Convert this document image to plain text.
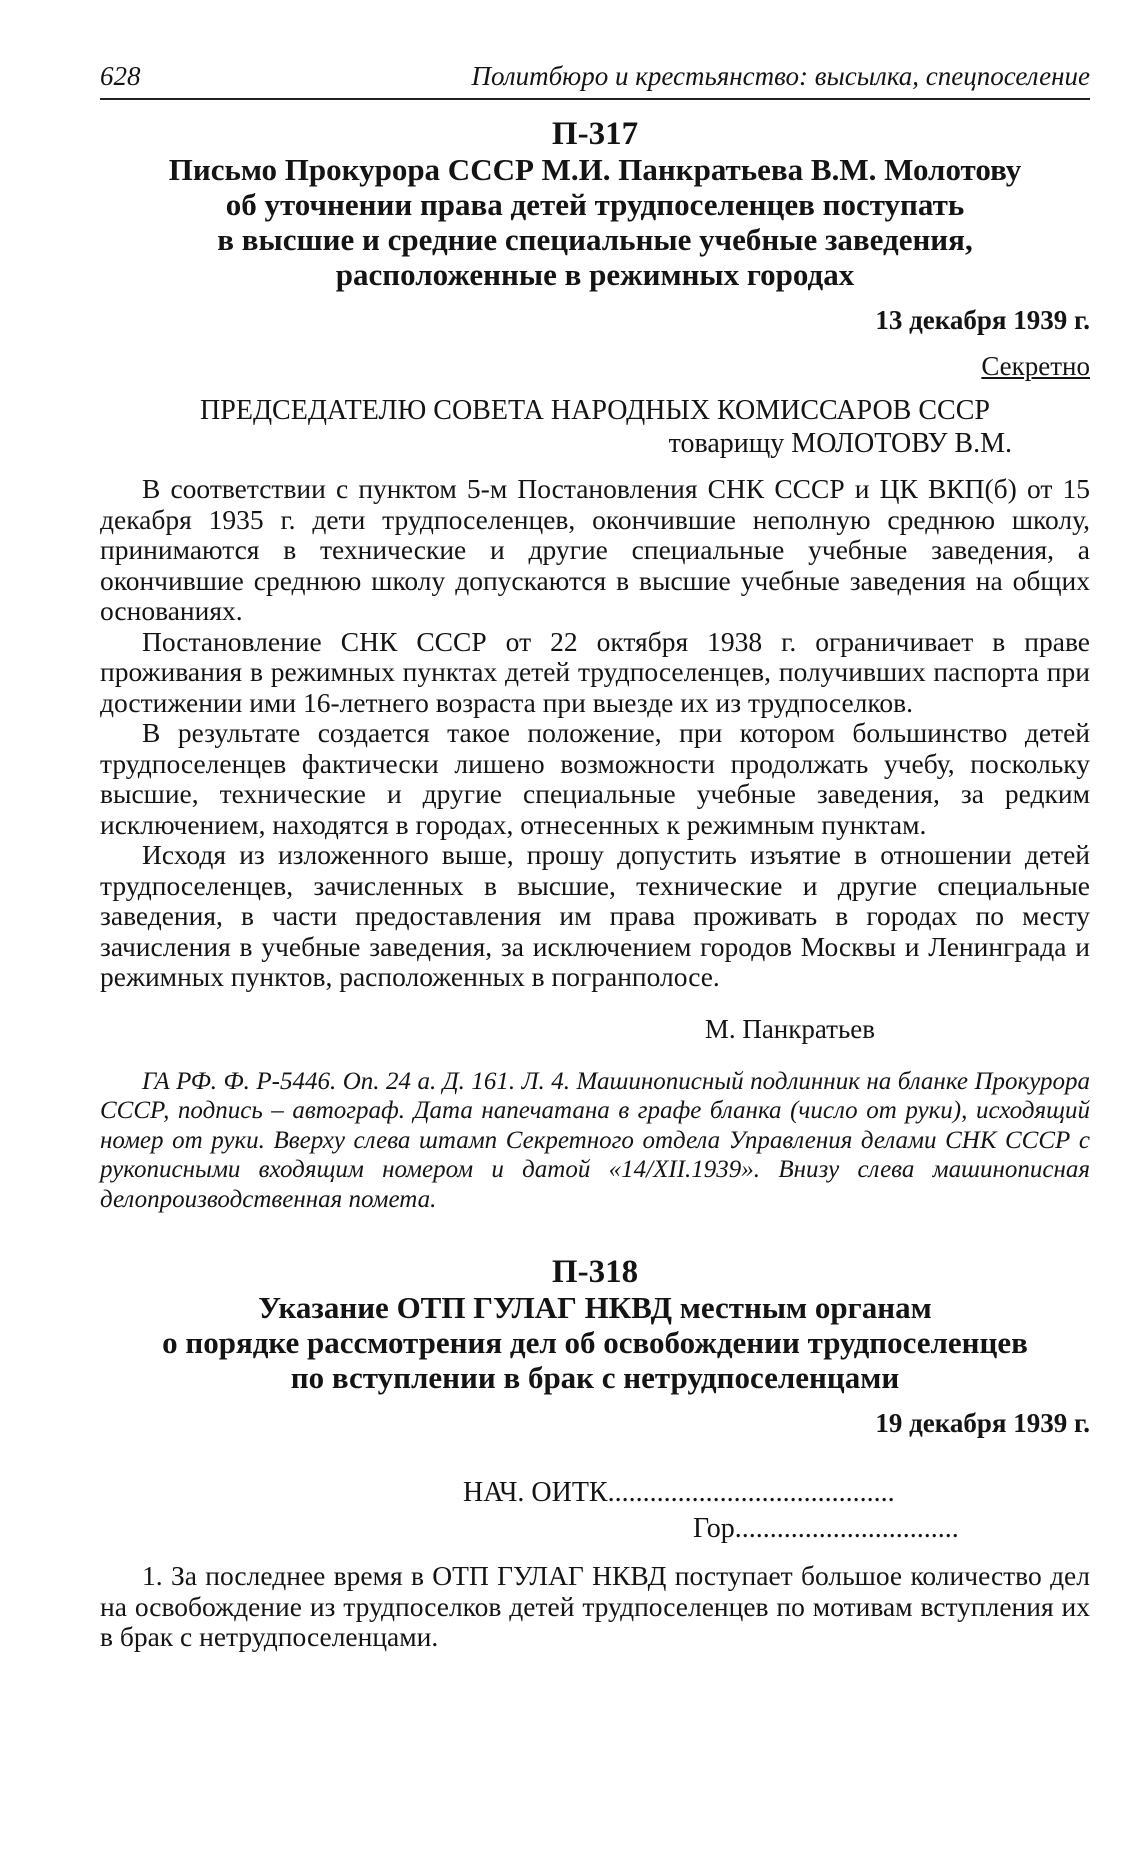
628	Политбюро и крестьянство: высылка, спецпоселение
П-317
Письмо Прокурора СССР М.И. Панкратьева В.М. Молотову
об уточнении права детей трудпоселенцев поступать
в высшие и средние специальные учебные заведения,
расположенные в режимных городах
13 декабря 1939 г.
Секретно
ПРЕДСЕДАТЕЛЮ СОВЕТА НАРОДНЫХ КОМИССАРОВ СССР
товарищу МОЛОТОВУ В.М.

В соответствии с пунктом 5-м Постановления СНК СССР и ЦК ВКП(б) от 15 декабря 1935 г. дети трудпоселенцев, окончившие неполную среднюю школу, принимаются в технические и другие специальные учебные заведения, а окончившие среднюю школу допускаются в высшие учебные заведения на общих основаниях.

Постановление СНК СССР от 22 октября 1938 г. ограничивает в праве проживания в режимных пунктах детей трудпоселенцев, получивших паспорта при достижении ими 16-летнего возраста при выезде их из трудпоселков.

В результате создается такое положение, при котором большинство детей трудпоселенцев фактически лишено возможности продолжать учебу, поскольку высшие, технические и другие специальные учебные заведения, за редким исключением, находятся в городах, отнесенных к режимным пунктам.

Исходя из изложенного выше, прошу допустить изъятие в отношении детей трудпоселенцев, зачисленных в высшие, технические и другие специальные заведения, в части предоставления им права проживать в городах по месту зачисления в учебные заведения, за исключением городов Москвы и Ленинграда и режимных пунктов, расположенных в погранполосе.

М. Панкратьев

ГА РФ. Ф. Р-5446. Оп. 24 а. Д. 161. Л. 4. Машинописный подлинник на бланке Прокурора СССР, подпись – автограф. Дата напечатана в графе бланка (число от руки), исходящий номер от руки. Вверху слева штамп Секретного отдела Управления делами СНК СССР с рукописными входящим номером и датой «14/XII.1939». Внизу слева машинописная делопроизводственная помета.

П-318
Указание ОТП ГУЛАГ НКВД местным органам
о порядке рассмотрения дел об освобождении трудпоселенцев
по вступлении в брак с нетрудпоселенцами
19 декабря 1939 г.
НАЧ. ОИТК.........................................
Гор................................

1. За последнее время в ОТП ГУЛАГ НКВД поступает большое количество дел на освобождение из трудпоселков детей трудпоселенцев по мотивам вступления их в брак с нетрудпоселенцами.
